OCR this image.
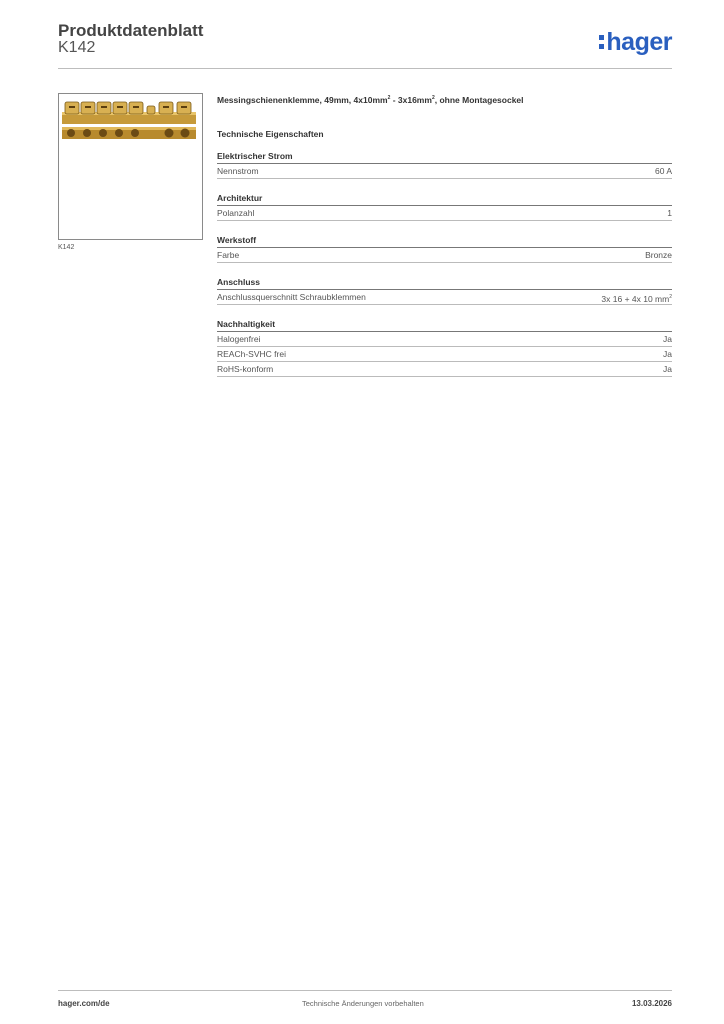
Produktdatenblatt
K142	hager
K142
Messingschienenklemme, 49mm, $4x10mm^2 - 3x16mm^2$, ohne Montagesockel
Technische Eigenschaften
Elektrischer Strom
Nennstrom	60 A
Architektur
Polanzahl	1
Werkstoff
Farbe	Bronze
Anschluss
Anschlussquerschnitt Schraubklemmen	3x 16 + 4x 10 $mm^2$
Nachhaltigkeit
Halogenfrei	Ja
REACh-SVHC frei	Ja
RoHS-konform	Ja
hager.com/de	Technische Änderungen vorbehalten	13.03.2026
